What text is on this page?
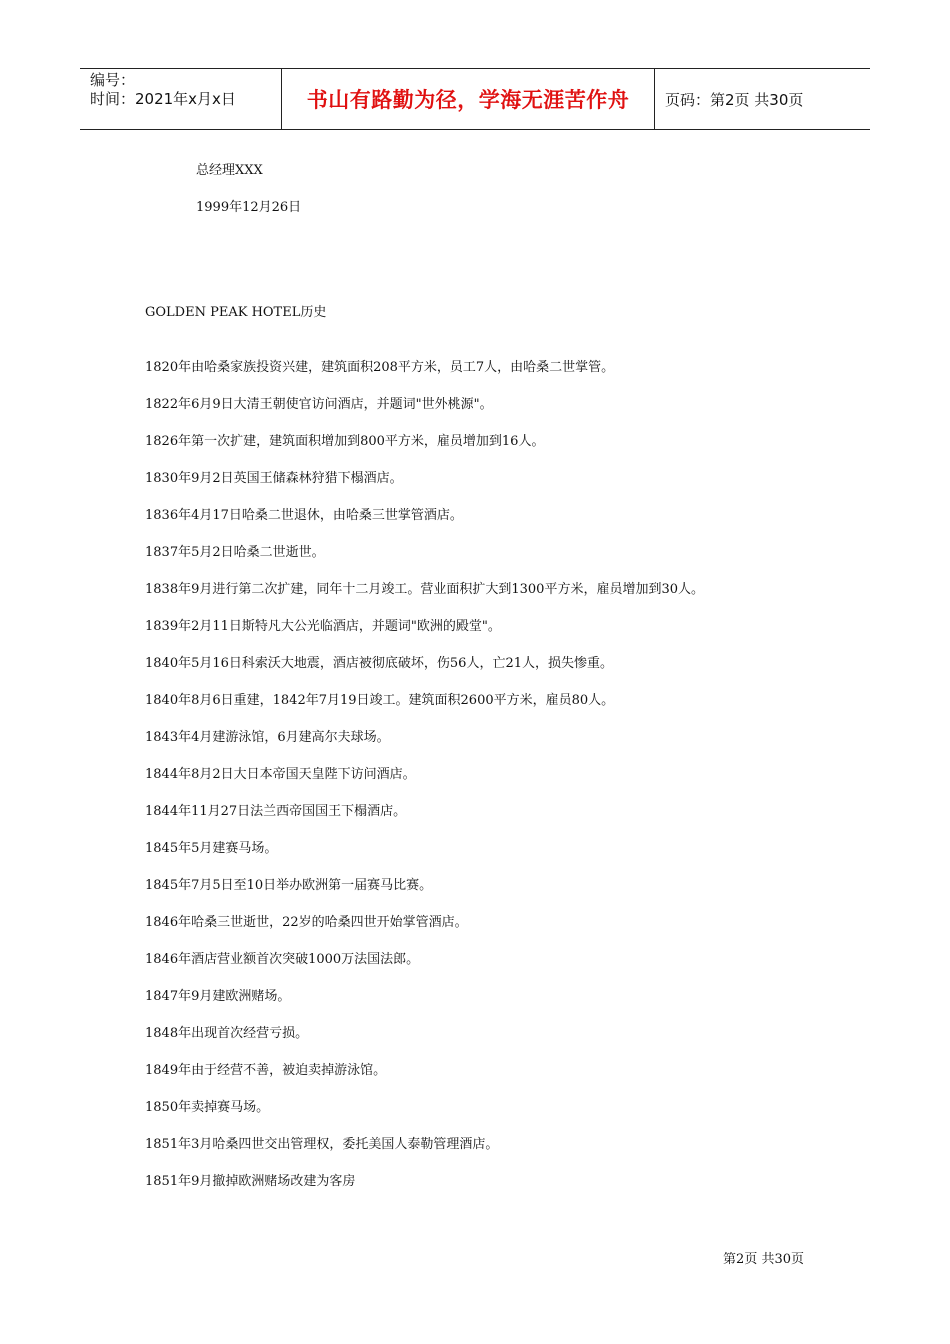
编号：
时间：2021年x月x日	书山有路勤为径，学海无涯苦作舟	页码：第2页 共30页
总经理XXX
1999年12月26日
GOLDEN PEAK HOTEL历史
1820年由哈桑家族投资兴建，建筑面积208平方米，员工7人，由哈桑二世掌管。
1822年6月9日大清王朝使官访问酒店，并题词"世外桃源"。
1826年第一次扩建，建筑面积增加到800平方米，雇员增加到16人。
1830年9月2日英国王储森林狩猎下榻酒店。
1836年4月17日哈桑二世退休，由哈桑三世掌管酒店。
1837年5月2日哈桑二世逝世。
1838年9月进行第二次扩建，同年十二月竣工。营业面积扩大到1300平方米，雇员增加到30人。
1839年2月11日斯特凡大公光临酒店，并题词"欧洲的殿堂"。
1840年5月16日科索沃大地震，酒店被彻底破坏，伤56人，亡21人，损失惨重。
1840年8月6日重建，1842年7月19日竣工。建筑面积2600平方米，雇员80人。
1843年4月建游泳馆，6月建高尔夫球场。
1844年8月2日大日本帝国天皇陛下访问酒店。
1844年11月27日法兰西帝国国王下榻酒店。
1845年5月建赛马场。
1845年7月5日至10日举办欧洲第一届赛马比赛。
1846年哈桑三世逝世，22岁的哈桑四世开始掌管酒店。
1846年酒店营业额首次突破1000万法国法郎。
1847年9月建欧洲赌场。
1848年出现首次经营亏损。
1849年由于经营不善，被迫卖掉游泳馆。
1850年卖掉赛马场。
1851年3月哈桑四世交出管理权，委托美国人泰勒管理酒店。
1851年9月撤掉欧洲赌场改建为客房
第2页 共30页
